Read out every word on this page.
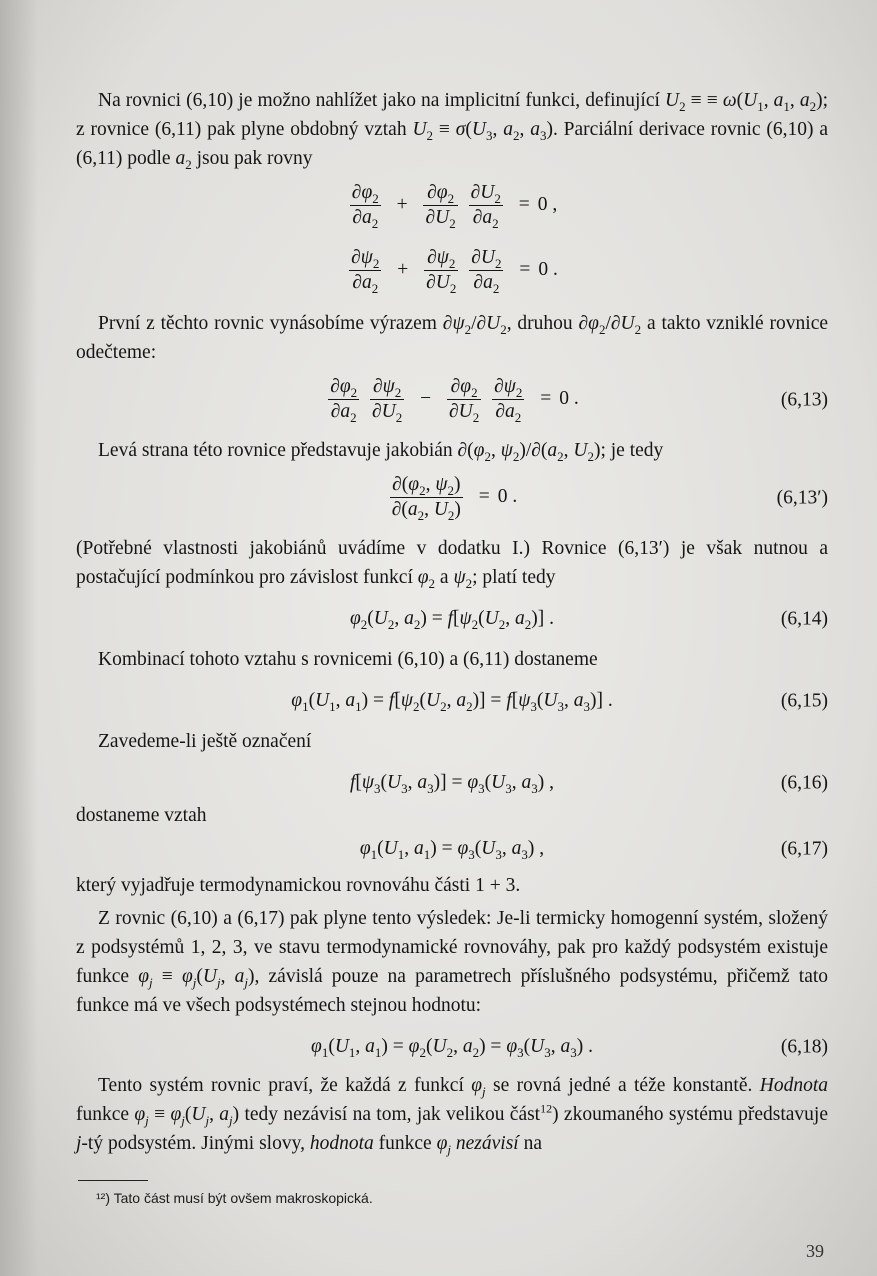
Na rovnici (6,10) je možno nahlížet jako na implicitní funkci, definující $U_2$ ≡ ≡ $\omega(U_1$, $a_1$, $a_2$); z rovnice (6,11) pak plyne obdobný vztah $U_2 \equiv \sigma(U_3$, $a_2$, $a_3$). Parciální derivace rovnic (6,10) a (6,11) podle $a_2$ jsou pak rovny

$\frac{\partial\varphi_2}{\partial a_2} + \frac{\partial\varphi_2}{\partial U_2}$
$\frac{\partial U_2}{\partial a_2} = 0$ ,
$\frac{\partial\psi_2}{\partial a_2} + \frac{\partial\psi_2}{\partial U_2}$
$\frac{\partial U_2}{\partial a_2} = 0$ .

První z těchto rovnic vynásobíme výrazem $\partial\psi_2/\partial U_2$, druhou $\partial\varphi_2/\partial U_2$ a takto vzniklé rovnice odečteme:

$\frac{\partial\varphi_2}{\partial a_2}$
$\frac{\partial\psi_2}{\partial U_2} - \frac{\partial\varphi_2}{\partial U_2}$
$\frac{\partial\psi_2}{\partial a_2} = 0$ .	(6,13)

Levá strana této rovnice představuje jakobián $\partial(\varphi_2$, $\psi_2)/\partial(a_2$, $U_2$); je tedy

$\frac{\partial(\varphi_2, \psi_2)}{\partial(a_2, U_2)} = 0$ .	(6,13′)

(Potřebné vlastnosti jakobiánů uvádíme v dodatku I.) Rovnice (6,13′) je však nutnou a postačující podmínkou pro závislost funkcí $\varphi_2$ a $\psi_2$; platí tedy

$\varphi_2(U_2$, $a_2) = f[\psi_2(U_2$, $a_2$)] .	(6,14)

Kombinací tohoto vztahu s rovnicemi (6,10) a (6,11) dostaneme

$\varphi_1(U_1$, $a_1) = f[\psi_2(U_2$, $a_2)] = f[\psi_3(U_3$, $a_3$)] .	(6,15)

Zavedeme-li ještě označení

$f[\psi_3(U_3$, $a_3)] = \varphi_3(U_3$, $a_3$) ,	(6,16)

dostaneme vztah

$\varphi_1(U_1$, $a_1) = \varphi_3(U_3$, $a_3$) ,	(6,17)

který vyjadřuje termodynamickou rovnováhu části 1 + 3.

Z rovnic (6,10) a (6,17) pak plyne tento výsledek: Je-li termicky homogenní systém, složený z podsystémů 1, 2, 3, ve stavu termodynamické rovnováhy, pak pro každý podsystém existuje funkce $\varphi_j \equiv \varphi_j(U_j$, $a_j$), závislá pouze na parametrech příslušného podsystému, přičemž tato funkce má ve všech podsystémech stejnou hodnotu:

$\varphi_1(U_1$, $a_1) = \varphi_2(U_2$, $a_2) = \varphi_3(U_3$, $a_3$) .	(6,18)

Tento systém rovnic praví, že každá z funkcí $\varphi_j$ se rovná jedné a téže konstantě. Hodnota funkce $\varphi_j \equiv \varphi_j(U_j$, $a_j$) tedy nezávisí na tom, jak velikou část$^{12}$) zkoumaného systému představuje j-tý podsystém. Jinými slovy, hodnota funkce $\varphi_j$ nezávisí na

¹²) Tato část musí být ovšem makroskopická.
39
